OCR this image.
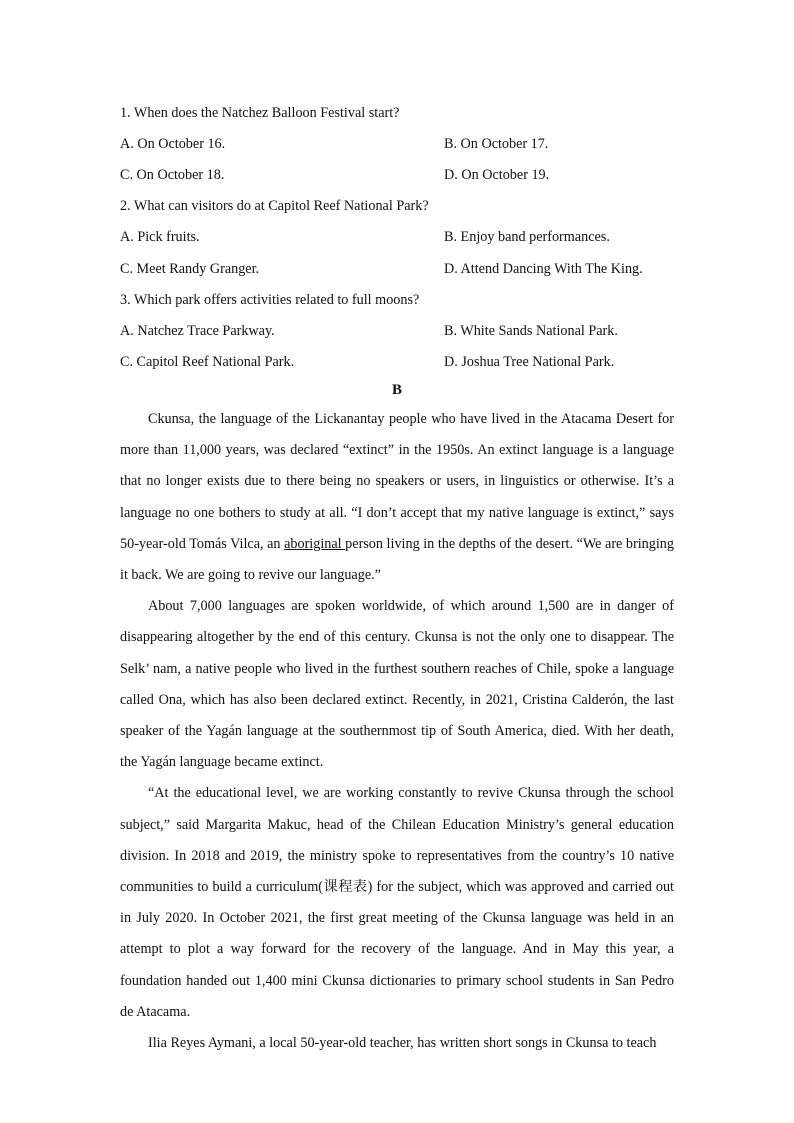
1. When does the Natchez Balloon Festival start?
A. On October 16.	B. On October 17.
C. On October 18.	D. On October 19.
2. What can visitors do at Capitol Reef National Park?
A. Pick fruits.	B. Enjoy band performances.
C. Meet Randy Granger.	D. Attend Dancing With The King.
3. Which park offers activities related to full moons?
A. Natchez Trace Parkway.	B. White Sands National Park.
C. Capitol Reef National Park.	D. Joshua Tree National Park.
B

Ckunsa, the language of the Lickanantay people who have lived in the Atacama Desert for more than 11,000 years, was declared “extinct” in the 1950s. An extinct language is a language that no longer exists due to there being no speakers or users, in linguistics or otherwise. It’s a language no one bothers to study at all. “I don’t accept that my native language is extinct,” says 50-year-old Tomás Vilca, an aboriginal person living in the depths of the desert. “We are bringing it back. We are going to revive our language.”

About 7,000 languages are spoken worldwide, of which around 1,500 are in danger of disappearing altogether by the end of this century. Ckunsa is not the only one to disappear. The Selk’ nam, a native people who lived in the furthest southern reaches of Chile, spoke a language called Ona, which has also been declared extinct. Recently, in 2021, Cristina Calderón, the last speaker of the Yagán language at the southernmost tip of South America, died. With her death, the Yagán language became extinct.

“At the educational level, we are working constantly to revive Ckunsa through the school subject,” said Margarita Makuc, head of the Chilean Education Ministry’s general education division. In 2018 and 2019, the ministry spoke to representatives from the country’s 10 native communities to build a curriculum(课程表) for the subject, which was approved and carried out in July 2020. In October 2021, the first great meeting of the Ckunsa language was held in an attempt to plot a way forward for the recovery of the language. And in May this year, a foundation handed out 1,400 mini Ckunsa dictionaries to primary school students in San Pedro de Atacama.

Ilia Reyes Aymani, a local 50-year-old teacher, has written short songs in Ckunsa to teach
